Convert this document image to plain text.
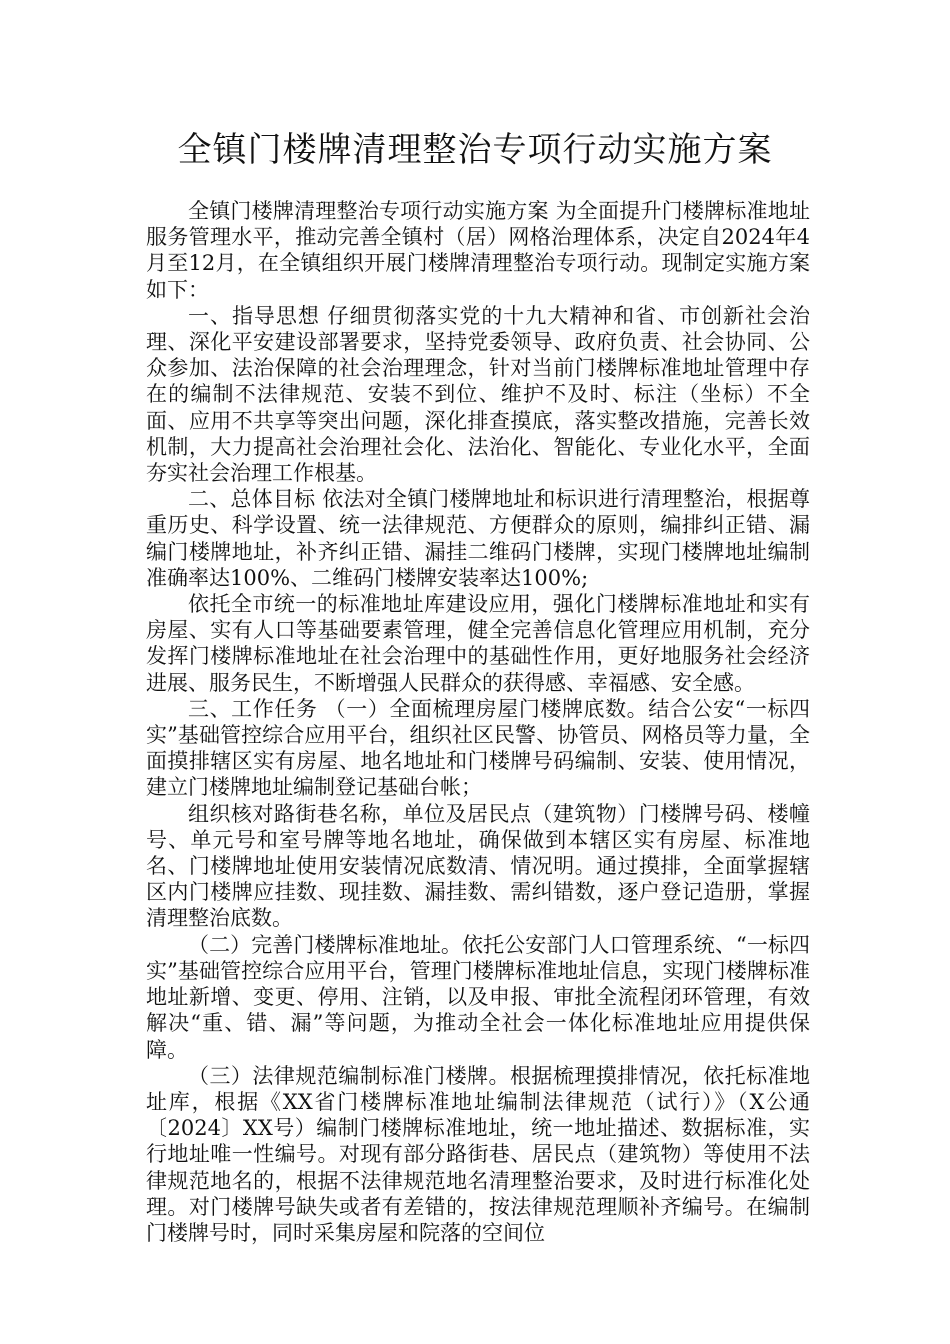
全镇门楼牌清理整治专项行动实施方案

全镇门楼牌清理整治专项行动实施方案 为全面提升门楼牌标准地址服务管理水平，推动完善全镇村（居）网格治理体系，决定自2024年4月至12月，在全镇组织开展门楼牌清理整治专项行动。现制定实施方案如下：

一、指导思想 仔细贯彻落实党的十九大精神和省、市创新社会治理、深化平安建设部署要求，坚持党委领导、政府负责、社会协同、公众参加、法治保障的社会治理理念，针对当前门楼牌标准地址管理中存在的编制不法律规范、安装不到位、维护不及时、标注（坐标）不全面、应用不共享等突出问题，深化排查摸底，落实整改措施，完善长效机制，大力提高社会治理社会化、法治化、智能化、专业化水平，全面夯实社会治理工作根基。

二、总体目标 依法对全镇门楼牌地址和标识进行清理整治，根据尊重历史、科学设置、统一法律规范、方便群众的原则，编排纠正错、漏编门楼牌地址，补齐纠正错、漏挂二维码门楼牌，实现门楼牌地址编制准确率达100%、二维码门楼牌安装率达100%;

依托全市统一的标准地址库建设应用，强化门楼牌标准地址和实有房屋、实有人口等基础要素管理，健全完善信息化管理应用机制，充分发挥门楼牌标准地址在社会治理中的基础性作用，更好地服务社会经济进展、服务民生，不断增强人民群众的获得感、幸福感、安全感。

三、工作任务 （一）全面梳理房屋门楼牌底数。结合公安“一标四实”基础管控综合应用平台，组织社区民警、协管员、网格员等力量，全面摸排辖区实有房屋、地名地址和门楼牌号码编制、安装、使用情况，建立门楼牌地址编制登记基础台帐；

组织核对路街巷名称，单位及居民点（建筑物）门楼牌号码、楼幢号、单元号和室号牌等地名地址，确保做到本辖区实有房屋、标准地名、门楼牌地址使用安装情况底数清、情况明。通过摸排，全面掌握辖区内门楼牌应挂数、现挂数、漏挂数、需纠错数，逐户登记造册，掌握清理整治底数。

（二）完善门楼牌标准地址。依托公安部门人口管理系统、“一标四实”基础管控综合应用平台，管理门楼牌标准地址信息，实现门楼牌标准地址新增、变更、停用、注销，以及申报、审批全流程闭环管理，有效解决“重、错、漏”等问题，为推动全社会一体化标准地址应用提供保障。

（三）法律规范编制标准门楼牌。根据梳理摸排情况，依托标准地址库，根据《XX省门楼牌标准地址编制法律规范（试行）》（X公通〔2024〕XX号）编制门楼牌标准地址，统一地址描述、数据标准，实行地址唯一性编号。对现有部分路街巷、居民点（建筑物）等使用不法律规范地名的，根据不法律规范地名清理整治要求，及时进行标准化处理。对门楼牌号缺失或者有差错的，按法律规范理顺补齐编号。在编制门楼牌号时，同时采集房屋和院落的空间位
